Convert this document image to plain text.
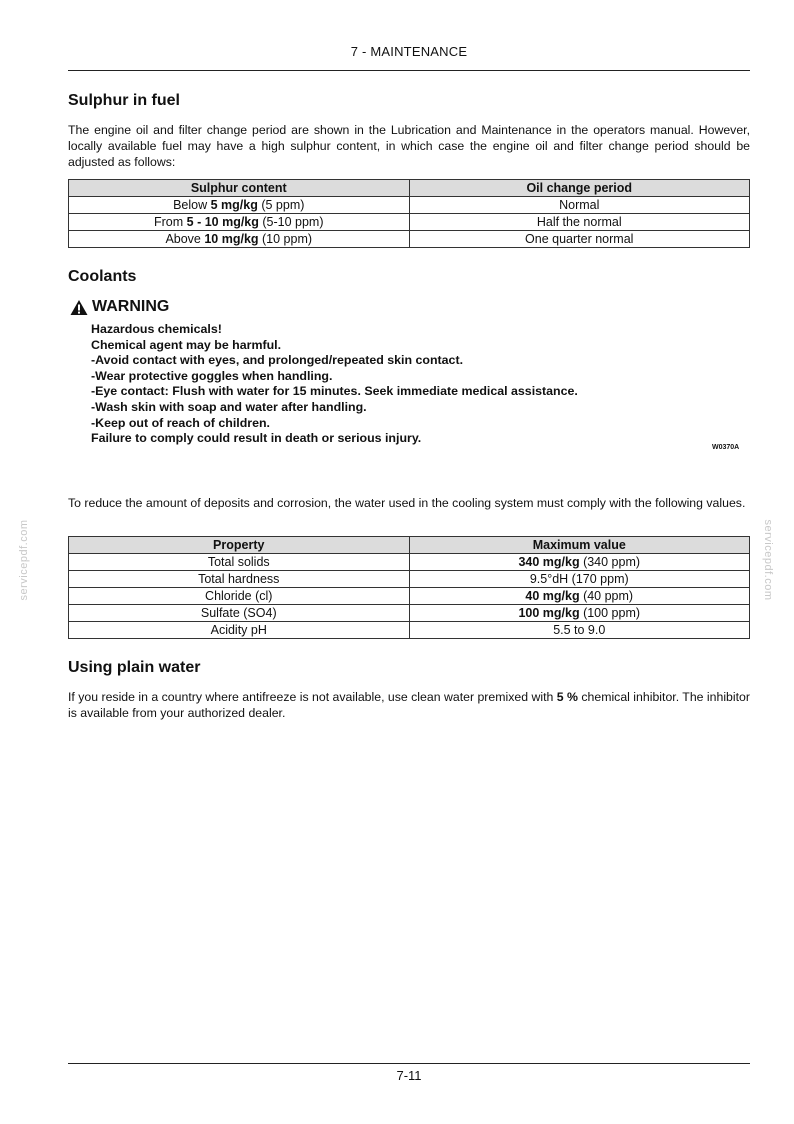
servicepdf.com	servicepdf.com
7 - MAINTENANCE
Sulphur in fuel

The engine oil and filter change period are shown in the Lubrication and Maintenance in the operators manual. However, locally available fuel may have a high sulphur content, in which case the engine oil and filter change period should be adjusted as follows:

Sulphur content	Oil change period
Below 5 mg/kg (5 ppm)	Normal
From 5 - 10 mg/kg (5-10 ppm)	Half the normal
Above 10 mg/kg (10 ppm)	One quarter normal
Coolants
WARNING
Hazardous chemicals!
Chemical agent may be harmful.
-Avoid contact with eyes, and prolonged/repeated skin contact.
-Wear protective goggles when handling.
-Eye contact: Flush with water for 15 minutes. Seek immediate medical assistance.
-Wash skin with soap and water after handling.
-Keep out of reach of children.
Failure to comply could result in death or serious injury.
W0370A

To reduce the amount of deposits and corrosion, the water used in the cooling system must comply with the following values.

Property	Maximum value
Total solids	340 mg/kg (340 ppm)
Total hardness	9.5°dH (170 ppm)
Chloride (cl)	40 mg/kg (40 ppm)
Sulfate (SO4)	100 mg/kg (100 ppm)
Acidity pH	5.5 to 9.0
Using plain water

If you reside in a country where antifreeze is not available, use clean water premixed with 5 % chemical inhibitor. The inhibitor is available from your authorized dealer.

7-11
